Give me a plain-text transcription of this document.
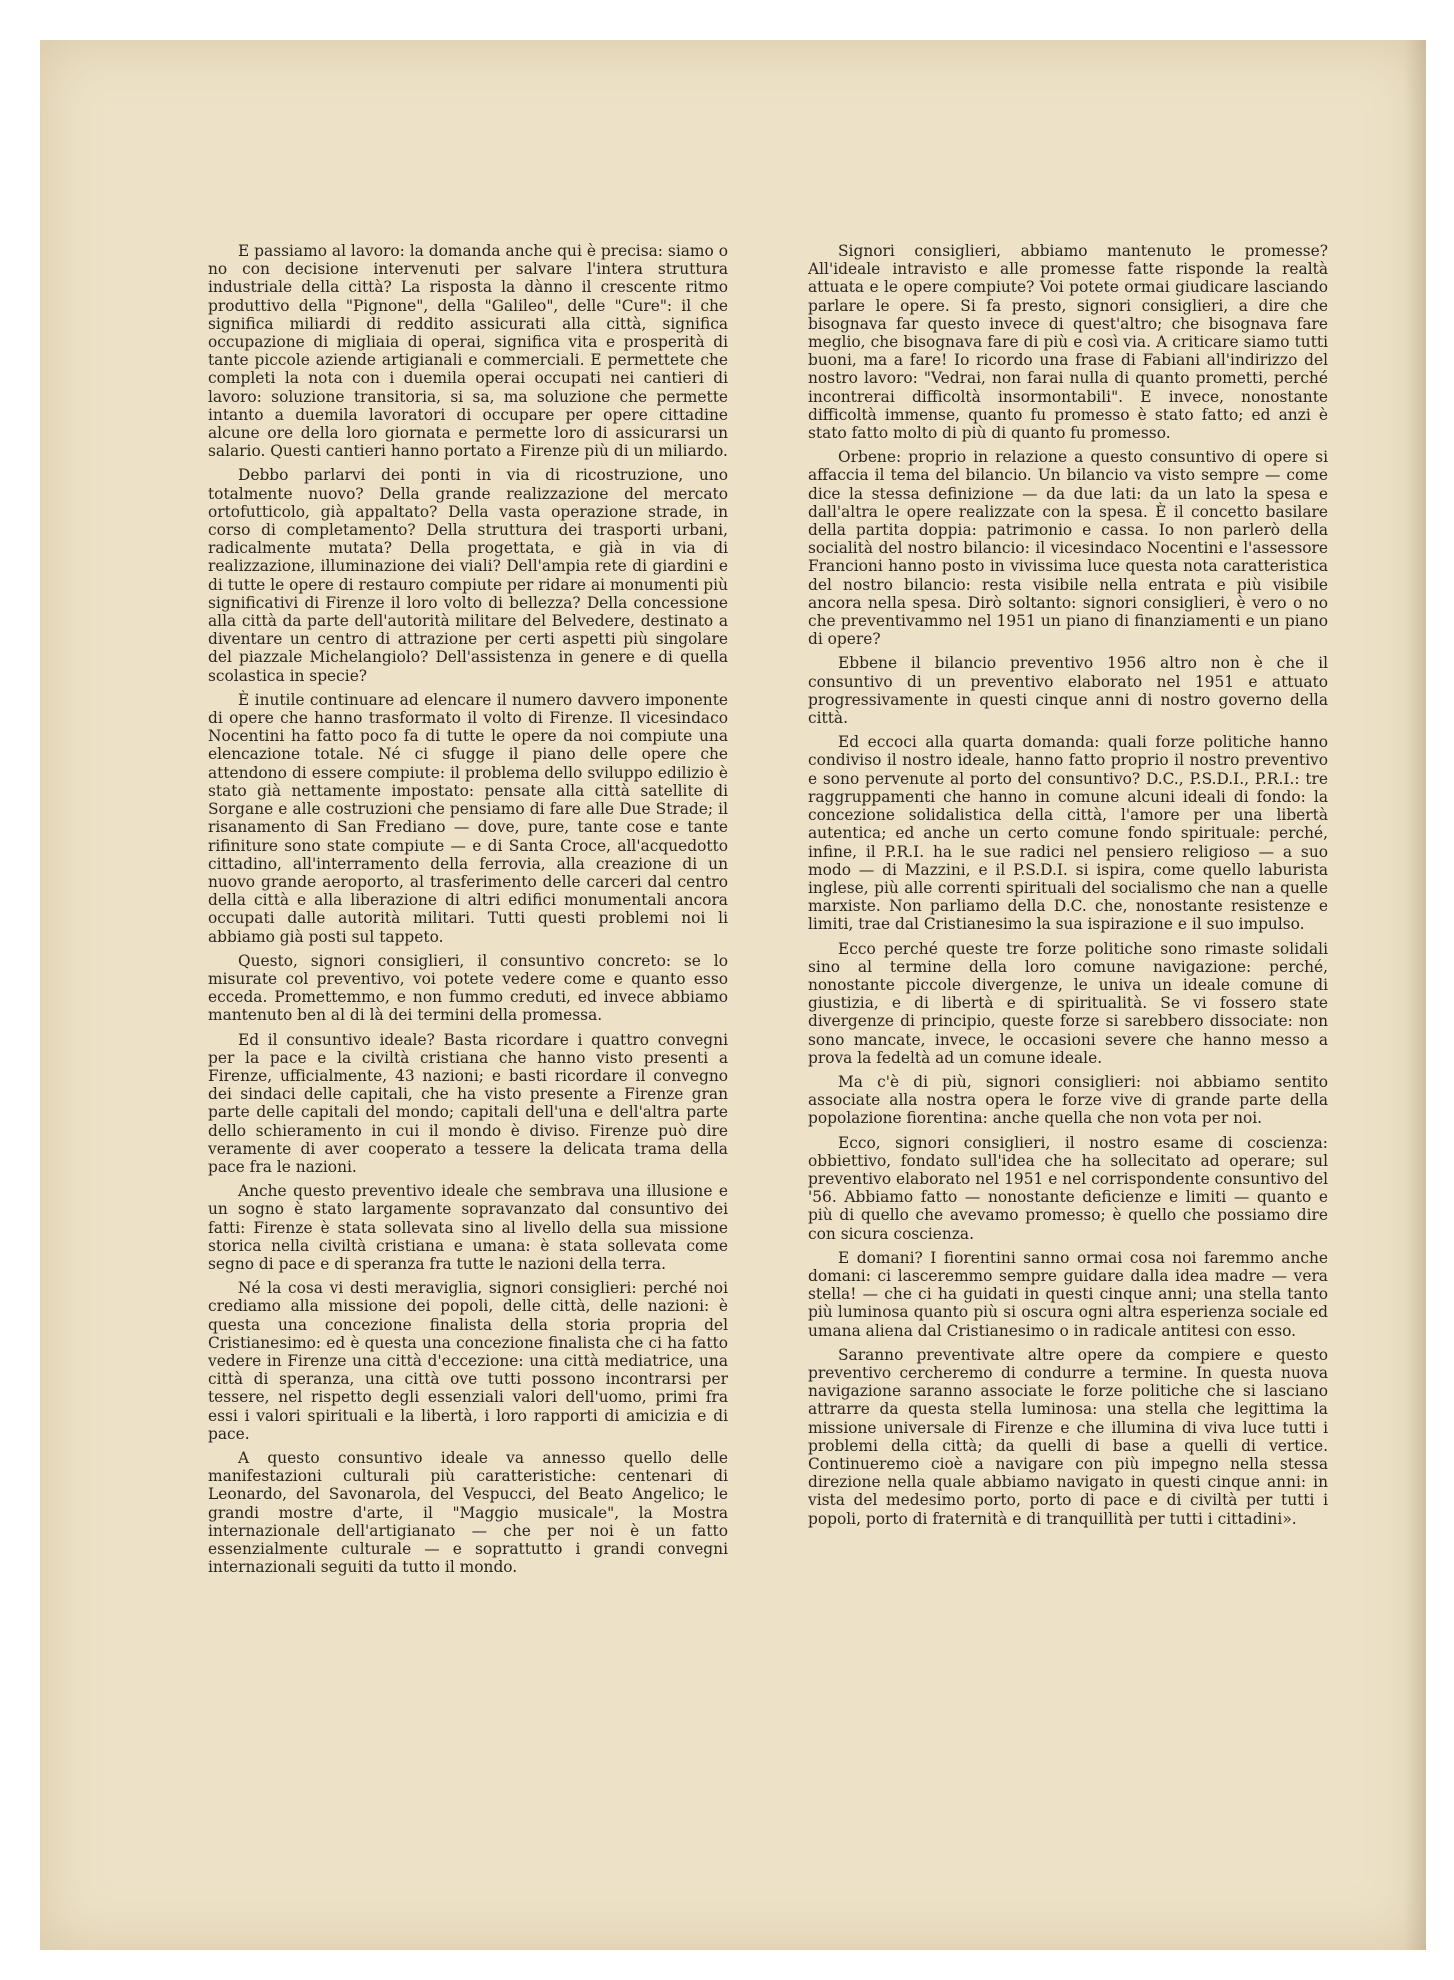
E passiamo al lavoro: la domanda anche qui è precisa: siamo o no con decisione intervenuti per salvare l'intera struttura industriale della città? La risposta la dànno il crescente ritmo produttivo della "Pignone", della "Galileo", delle "Cure": il che significa miliardi di reddito assicurati alla città, significa occupazione di migliaia di operai, significa vita e prosperità di tante piccole aziende artigianali e commerciali. E permettete che completi la nota con i duemila operai occupati nei cantieri di lavoro: soluzione transitoria, si sa, ma soluzione che permette intanto a duemila lavoratori di occupare per opere cittadine alcune ore della loro giornata e permette loro di assicurarsi un salario. Questi cantieri hanno portato a Firenze più di un miliardo.

Debbo parlarvi dei ponti in via di ricostruzione, uno totalmente nuovo? Della grande realizzazione del mercato ortofutticolo, già appaltato? Della vasta operazione strade, in corso di completamento? Della struttura dei trasporti urbani, radicalmente mutata? Della progettata, e già in via di realizzazione, illuminazione dei viali? Dell'ampia rete di giardini e di tutte le opere di restauro compiute per ridare ai monumenti più significativi di Firenze il loro volto di bellezza? Della concessione alla città da parte dell'autorità militare del Belvedere, destinato a diventare un centro di attrazione per certi aspetti più singolare del piazzale Michelangiolo? Dell'assistenza in genere e di quella scolastica in specie?

È inutile continuare ad elencare il numero davvero imponente di opere che hanno trasformato il volto di Firenze. Il vicesindaco Nocentini ha fatto poco fa di tutte le opere da noi compiute una elencazione totale. Né ci sfugge il piano delle opere che attendono di essere compiute: il problema dello sviluppo edilizio è stato già nettamente impostato: pensate alla città satellite di Sorgane e alle costruzioni che pensiamo di fare alle Due Strade; il risanamento di San Frediano — dove, pure, tante cose e tante rifiniture sono state compiute — e di Santa Croce, all'acquedotto cittadino, all'interramento della ferrovia, alla creazione di un nuovo grande aeroporto, al trasferimento delle carceri dal centro della città e alla liberazione di altri edifici monumentali ancora occupati dalle autorità militari. Tutti questi problemi noi li abbiamo già posti sul tappeto.

Questo, signori consiglieri, il consuntivo concreto: se lo misurate col preventivo, voi potete vedere come e quanto esso ecceda. Promettemmo, e non fummo creduti, ed invece abbiamo mantenuto ben al di là dei termini della promessa.

Ed il consuntivo ideale? Basta ricordare i quattro convegni per la pace e la civiltà cristiana che hanno visto presenti a Firenze, ufficialmente, 43 nazioni; e basti ricordare il convegno dei sindaci delle capitali, che ha visto presente a Firenze gran parte delle capitali del mondo; capitali dell'una e dell'altra parte dello schieramento in cui il mondo è diviso. Firenze può dire veramente di aver cooperato a tessere la delicata trama della pace fra le nazioni.

Anche questo preventivo ideale che sembrava una illusione e un sogno è stato largamente sopravanzato dal consuntivo dei fatti: Firenze è stata sollevata sino al livello della sua missione storica nella civiltà cristiana e umana: è stata sollevata come segno di pace e di speranza fra tutte le nazioni della terra.

Né la cosa vi desti meraviglia, signori consiglieri: perché noi crediamo alla missione dei popoli, delle città, delle nazioni: è questa una concezione finalista della storia propria del Cristianesimo: ed è questa una concezione finalista che ci ha fatto vedere in Firenze una città d'eccezione: una città mediatrice, una città di speranza, una città ove tutti possono incontrarsi per tessere, nel rispetto degli essenziali valori dell'uomo, primi fra essi i valori spirituali e la libertà, i loro rapporti di amicizia e di pace.

A questo consuntivo ideale va annesso quello delle manifestazioni culturali più caratteristiche: centenari di Leonardo, del Savonarola, del Vespucci, del Beato Angelico; le grandi mostre d'arte, il "Maggio musicale", la Mostra internazionale dell'artigianato — che per noi è un fatto essenzialmente culturale — e soprattutto i grandi convegni internazionali seguiti da tutto il mondo.

Signori consiglieri, abbiamo mantenuto le promesse? All'ideale intravisto e alle promesse fatte risponde la realtà attuata e le opere compiute? Voi potete ormai giudicare lasciando parlare le opere. Si fa presto, signori consiglieri, a dire che bisognava far questo invece di quest'altro; che bisognava fare meglio, che bisognava fare di più e così via. A criticare siamo tutti buoni, ma a fare! Io ricordo una frase di Fabiani all'indirizzo del nostro lavoro: "Vedrai, non farai nulla di quanto prometti, perché incontrerai difficoltà insormontabili". E invece, nonostante difficoltà immense, quanto fu promesso è stato fatto; ed anzi è stato fatto molto di più di quanto fu promesso.

Orbene: proprio in relazione a questo consuntivo di opere si affaccia il tema del bilancio. Un bilancio va visto sempre — come dice la stessa definizione — da due lati: da un lato la spesa e dall'altra le opere realizzate con la spesa. È il concetto basilare della partita doppia: patrimonio e cassa. Io non parlerò della socialità del nostro bilancio: il vicesindaco Nocentini e l'assessore Francioni hanno posto in vivissima luce questa nota caratteristica del nostro bilancio: resta visibile nella entrata e più visibile ancora nella spesa. Dirò soltanto: signori consiglieri, è vero o no che preventivammo nel 1951 un piano di finanziamenti e un piano di opere?

Ebbene il bilancio preventivo 1956 altro non è che il consuntivo di un preventivo elaborato nel 1951 e attuato progressivamente in questi cinque anni di nostro governo della città.

Ed eccoci alla quarta domanda: quali forze politiche hanno condiviso il nostro ideale, hanno fatto proprio il nostro preventivo e sono pervenute al porto del consuntivo? D.C., P.S.D.I., P.R.I.: tre raggruppamenti che hanno in comune alcuni ideali di fondo: la concezione solidalistica della città, l'amore per una libertà autentica; ed anche un certo comune fondo spirituale: perché, infine, il P.R.I. ha le sue radici nel pensiero religioso — a suo modo — di Mazzini, e il P.S.D.I. si ispira, come quello laburista inglese, più alle correnti spirituali del socialismo che nan a quelle marxiste. Non parliamo della D.C. che, nonostante resistenze e limiti, trae dal Cristianesimo la sua ispirazione e il suo impulso.

Ecco perché queste tre forze politiche sono rimaste solidali sino al termine della loro comune navigazione: perché, nonostante piccole divergenze, le univa un ideale comune di giustizia, e di libertà e di spiritualità. Se vi fossero state divergenze di principio, queste forze si sarebbero dissociate: non sono mancate, invece, le occasioni severe che hanno messo a prova la fedeltà ad un comune ideale.

Ma c'è di più, signori consiglieri: noi abbiamo sentito associate alla nostra opera le forze vive di grande parte della popolazione fiorentina: anche quella che non vota per noi.

Ecco, signori consiglieri, il nostro esame di coscienza: obbiettivo, fondato sull'idea che ha sollecitato ad operare; sul preventivo elaborato nel 1951 e nel corrispondente consuntivo del '56. Abbiamo fatto — nonostante deficienze e limiti — quanto e più di quello che avevamo promesso; è quello che possiamo dire con sicura coscienza.

E domani? I fiorentini sanno ormai cosa noi faremmo anche domani: ci lasceremmo sempre guidare dalla idea madre — vera stella! — che ci ha guidati in questi cinque anni; una stella tanto più luminosa quanto più si oscura ogni altra esperienza sociale ed umana aliena dal Cristianesimo o in radicale antitesi con esso.

Saranno preventivate altre opere da compiere e questo preventivo cercheremo di condurre a termine. In questa nuova navigazione saranno associate le forze politiche che si lasciano attrarre da questa stella luminosa: una stella che legittima la missione universale di Firenze e che illumina di viva luce tutti i problemi della città; da quelli di base a quelli di vertice. Continueremo cioè a navigare con più impegno nella stessa direzione nella quale abbiamo navigato in questi cinque anni: in vista del medesimo porto, porto di pace e di civiltà per tutti i popoli, porto di fraternità e di tranquillità per tutti i cittadini».
